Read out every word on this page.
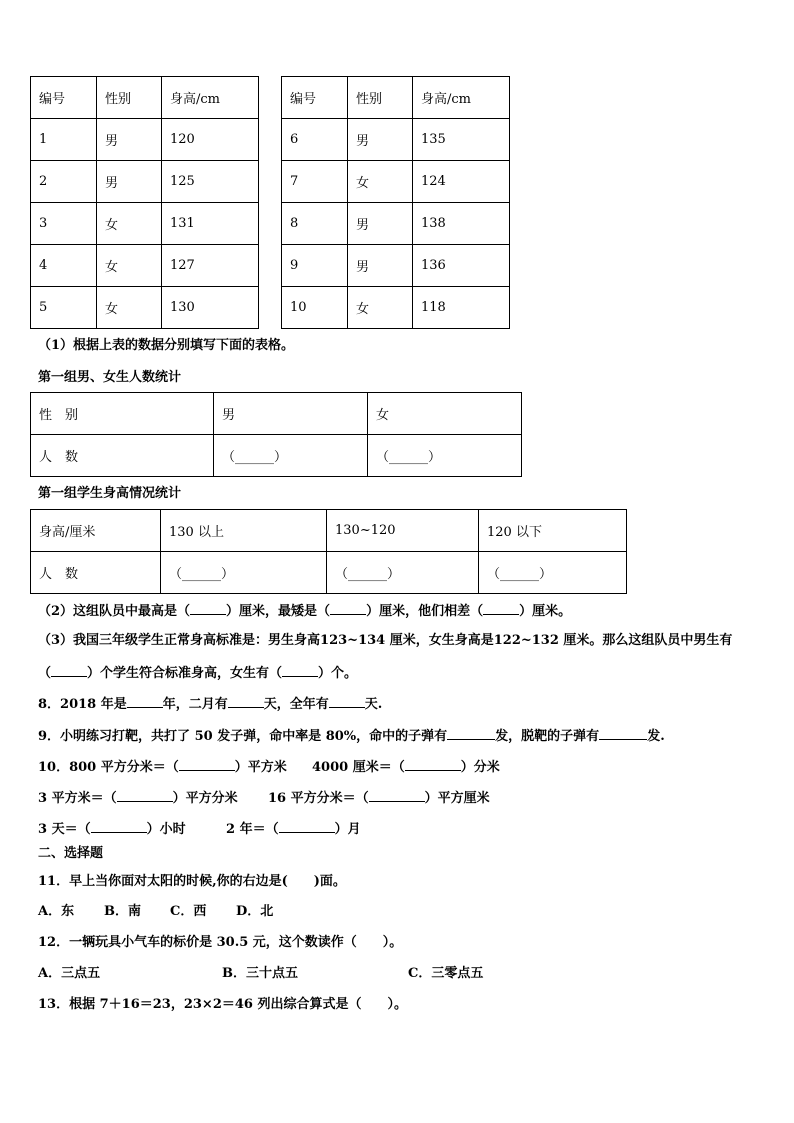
编号	性别	身高/cm		编号	性别	身高/cm
1	男	120		6	男	135
2	男	125		7	女	124
3	女	131		8	男	138
4	女	127		9	男	136
5	女	130		10	女	118
（1）根据上表的数据分别填写下面的表格。
第一组男、女生人数统计
性　别	男	女
人　数	（______）	（______）
第一组学生身高情况统计
身高/厘米	130 以上	130~120	120 以下
人　数	（______）	（______）	（______）
（2）这组队员中最高是（	）厘米，最矮是（	）厘米，他们相差（	）厘米。
（3）我国三年级学生正常身高标准是：男生身高123~134 厘米，女生身高是122~132 厘米。那么这组队员中男生有
（	）个学生符合标准身高，女生有（	）个。
8．2018 年是	年，二月有	天，全年有	天.
9．小明练习打靶，共打了 50 发子弹，命中率是 80%，命中的子弹有	发，脱靶的子弹有	发.
10．800 平方分米＝（	）平方米 4000 厘米＝（	）分米
3 平方米＝（	）平方分米 16 平方分米＝（	）平方厘米
3 天＝（	）小时	2 年＝（	）月
二、选择题
11．早上当你面对太阳的时候,你的右边是(　　)面。
A．东 B．南 C．西 D．北
12．一辆玩具小气车的标价是 30.5 元，这个数读作（　　）。
A．三点五	B．三十点五	C．三零点五
13．根据 7＋16＝23，23×2＝46 列出综合算式是（　　）。
